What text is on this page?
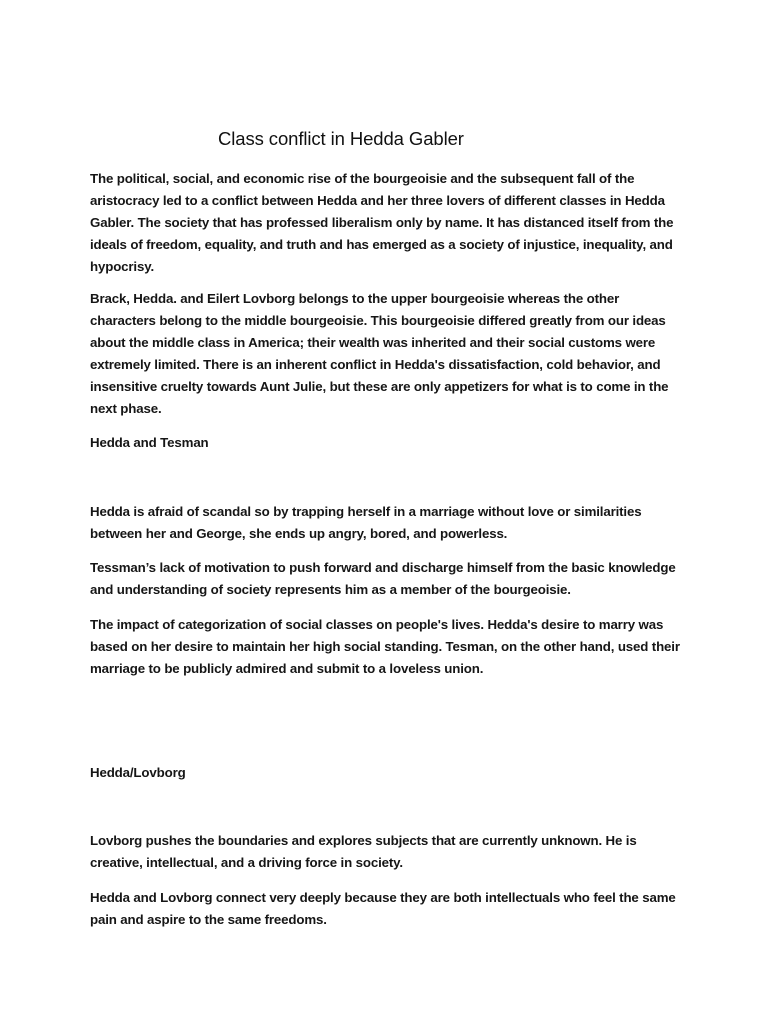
Class conflict in Hedda Gabler

The political, social, and economic rise of the bourgeoisie and the subsequent fall of the aristocracy led to a conflict between Hedda and her three lovers of different classes in Hedda Gabler. The society that has professed liberalism only by name. It has distanced itself from the ideals of freedom, equality, and truth and has emerged as a society of injustice, inequality, and hypocrisy.

Brack, Hedda. and Eilert Lovborg belongs to the upper bourgeoisie whereas the other characters belong to the middle bourgeoisie. This bourgeoisie differed greatly from our ideas about the middle class in America; their wealth was inherited and their social customs were extremely limited. There is an inherent conflict in Hedda's dissatisfaction, cold behavior, and insensitive cruelty towards Aunt Julie, but these are only appetizers for what is to come in the next phase.

Hedda and Tesman

Hedda is afraid of scandal so by trapping herself in a marriage without love or similarities between her and George, she ends up angry, bored, and powerless.

Tessman’s lack of motivation to push forward and discharge himself from the basic knowledge and understanding of society represents him as a member of the bourgeoisie.

The impact of categorization of social classes on people's lives. Hedda's desire to marry was based on her desire to maintain her high social standing. Tesman, on the other hand, used their marriage to be publicly admired and submit to a loveless union.

Hedda/Lovborg

Lovborg pushes the boundaries and explores subjects that are currently unknown. He is creative, intellectual, and a driving force in society.

Hedda and Lovborg connect very deeply because they are both intellectuals who feel the same pain and aspire to the same freedoms.
